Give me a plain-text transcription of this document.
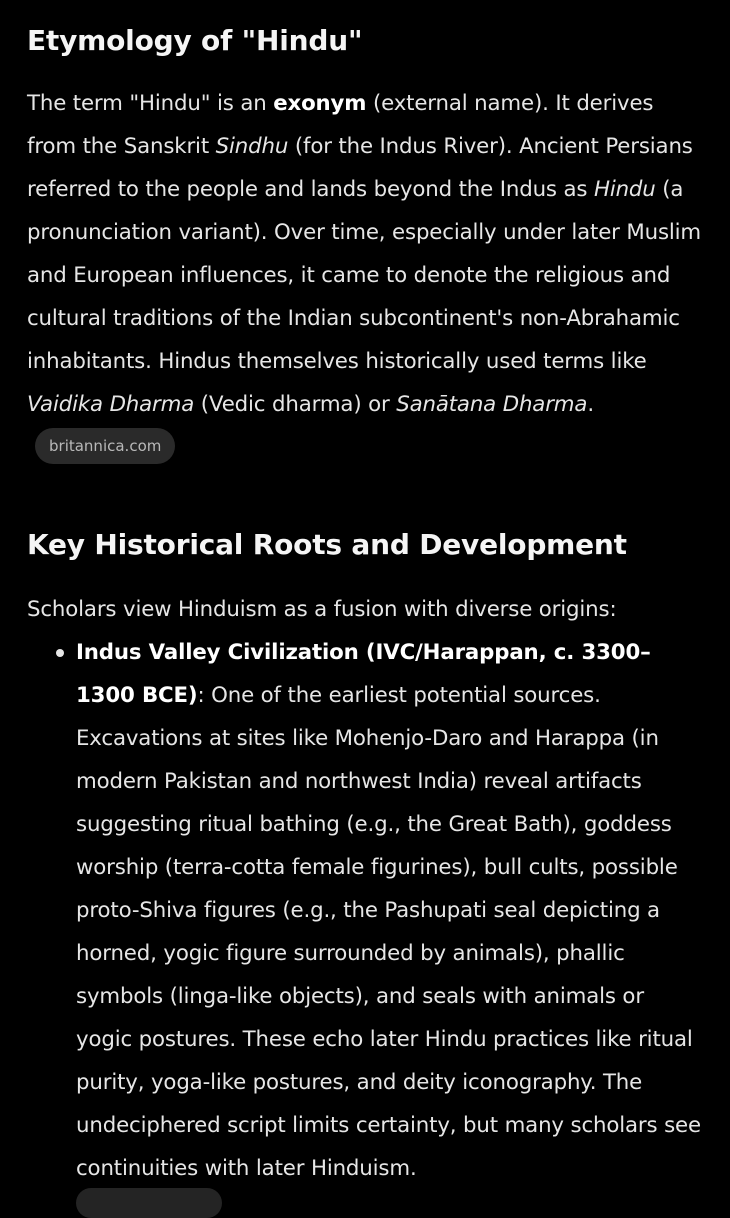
Etymology of "Hindu"
The term "Hindu" is an exonym (external name). It derives from the Sanskrit Sindhu (for the Indus River). Ancient Persians referred to the people and lands beyond the Indus as Hindu (a pronunciation variant). Over time, especially under later Muslim and European influences, it came to denote the religious and cultural traditions of the Indian subcontinent's non-Abrahamic inhabitants. Hindus themselves historically used terms like Vaidika Dharma (Vedic dharma) or Sanātana Dharma.britannica.com
Key Historical Roots and Development
Scholars view Hinduism as a fusion with diverse origins:
Indus Valley Civilization (IVC/Harappan, c. 3300–1300 BCE): One of the earliest potential sources. Excavations at sites like Mohenjo-Daro and Harappa (in modern Pakistan and northwest India) reveal artifacts suggesting ritual bathing (e.g., the Great Bath), goddess worship (terra-cotta female figurines), bull cults, possible proto-Shiva figures (e.g., the Pashupati seal depicting a horned, yogic figure surrounded by animals), phallic symbols (linga-like objects), and seals with animals or yogic postures. These echo later Hindu practices like ritual purity, yoga-like postures, and deity iconography. The undeciphered script limits certainty, but many scholars see continuities with later Hinduism.
